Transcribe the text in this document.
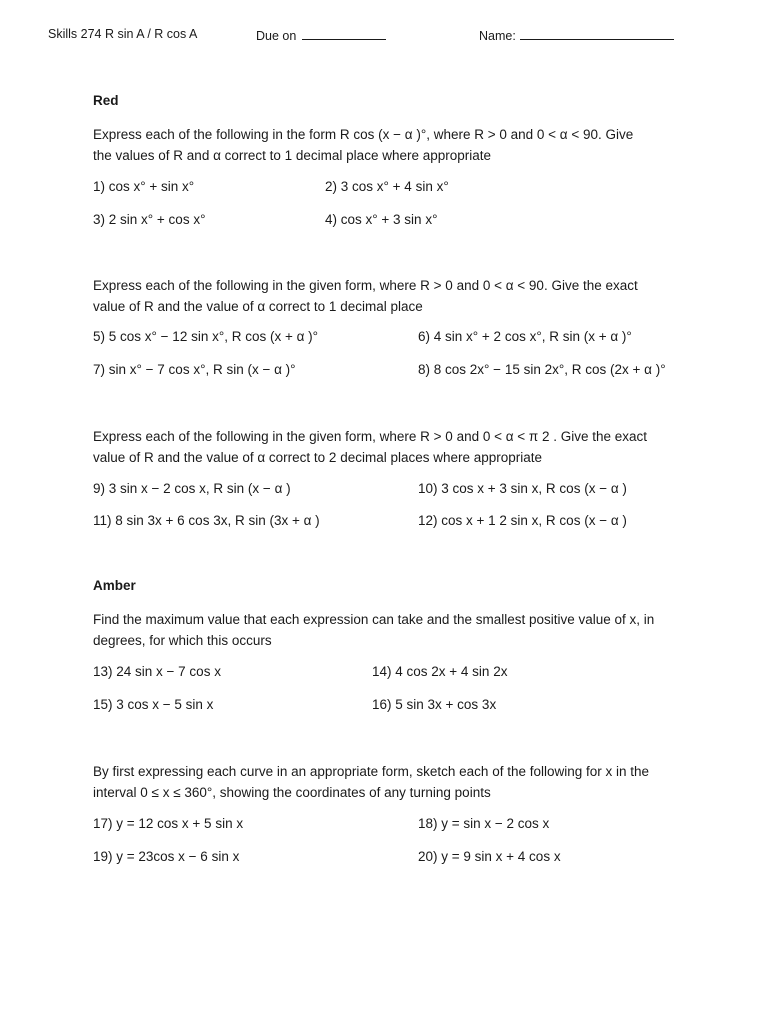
Skills 274 R sin A / R cos A	Due on	Name:
Red
Express each of the following in the form R cos (x − α )°, where R > 0 and 0 < α < 90. Give the values of R and α correct to 1 decimal place where appropriate
1) cos x° + sin x°	2) 3 cos x° + 4 sin x°
3) 2 sin x° + cos x°	4) cos x° + 3 sin x°
Express each of the following in the given form, where R > 0 and 0 < α < 90. Give the exact value of R and the value of α correct to 1 decimal place
5) 5 cos x° − 12 sin x°, R cos (x + α )°	6) 4 sin x° + 2 cos x°, R sin (x + α )°
7) sin x° − 7 cos x°, R sin (x − α )°	8) 8 cos 2x° − 15 sin 2x°, R cos (2x + α )°
Express each of the following in the given form, where R > 0 and 0 < α < π 2 . Give the exact value of R and the value of α correct to 2 decimal places where appropriate
9) 3 sin x − 2 cos x, R sin (x − α )	10) 3 cos x + 3 sin x, R cos (x − α )
11) 8 sin 3x + 6 cos 3x, R sin (3x + α )	12) cos x + 1 2 sin x, R cos (x − α )
Amber
Find the maximum value that each expression can take and the smallest positive value of x, in degrees, for which this occurs
13) 24 sin x − 7 cos x	14) 4 cos 2x + 4 sin 2x
15) 3 cos x − 5 sin x	16) 5 sin 3x + cos 3x
By first expressing each curve in an appropriate form, sketch each of the following for x in the interval 0 ≤ x ≤ 360°, showing the coordinates of any turning points
17) y = 12 cos x + 5 sin x	18) y = sin x − 2 cos x
19) y = 23cos x − 6 sin x	20) y = 9 sin x + 4 cos x
